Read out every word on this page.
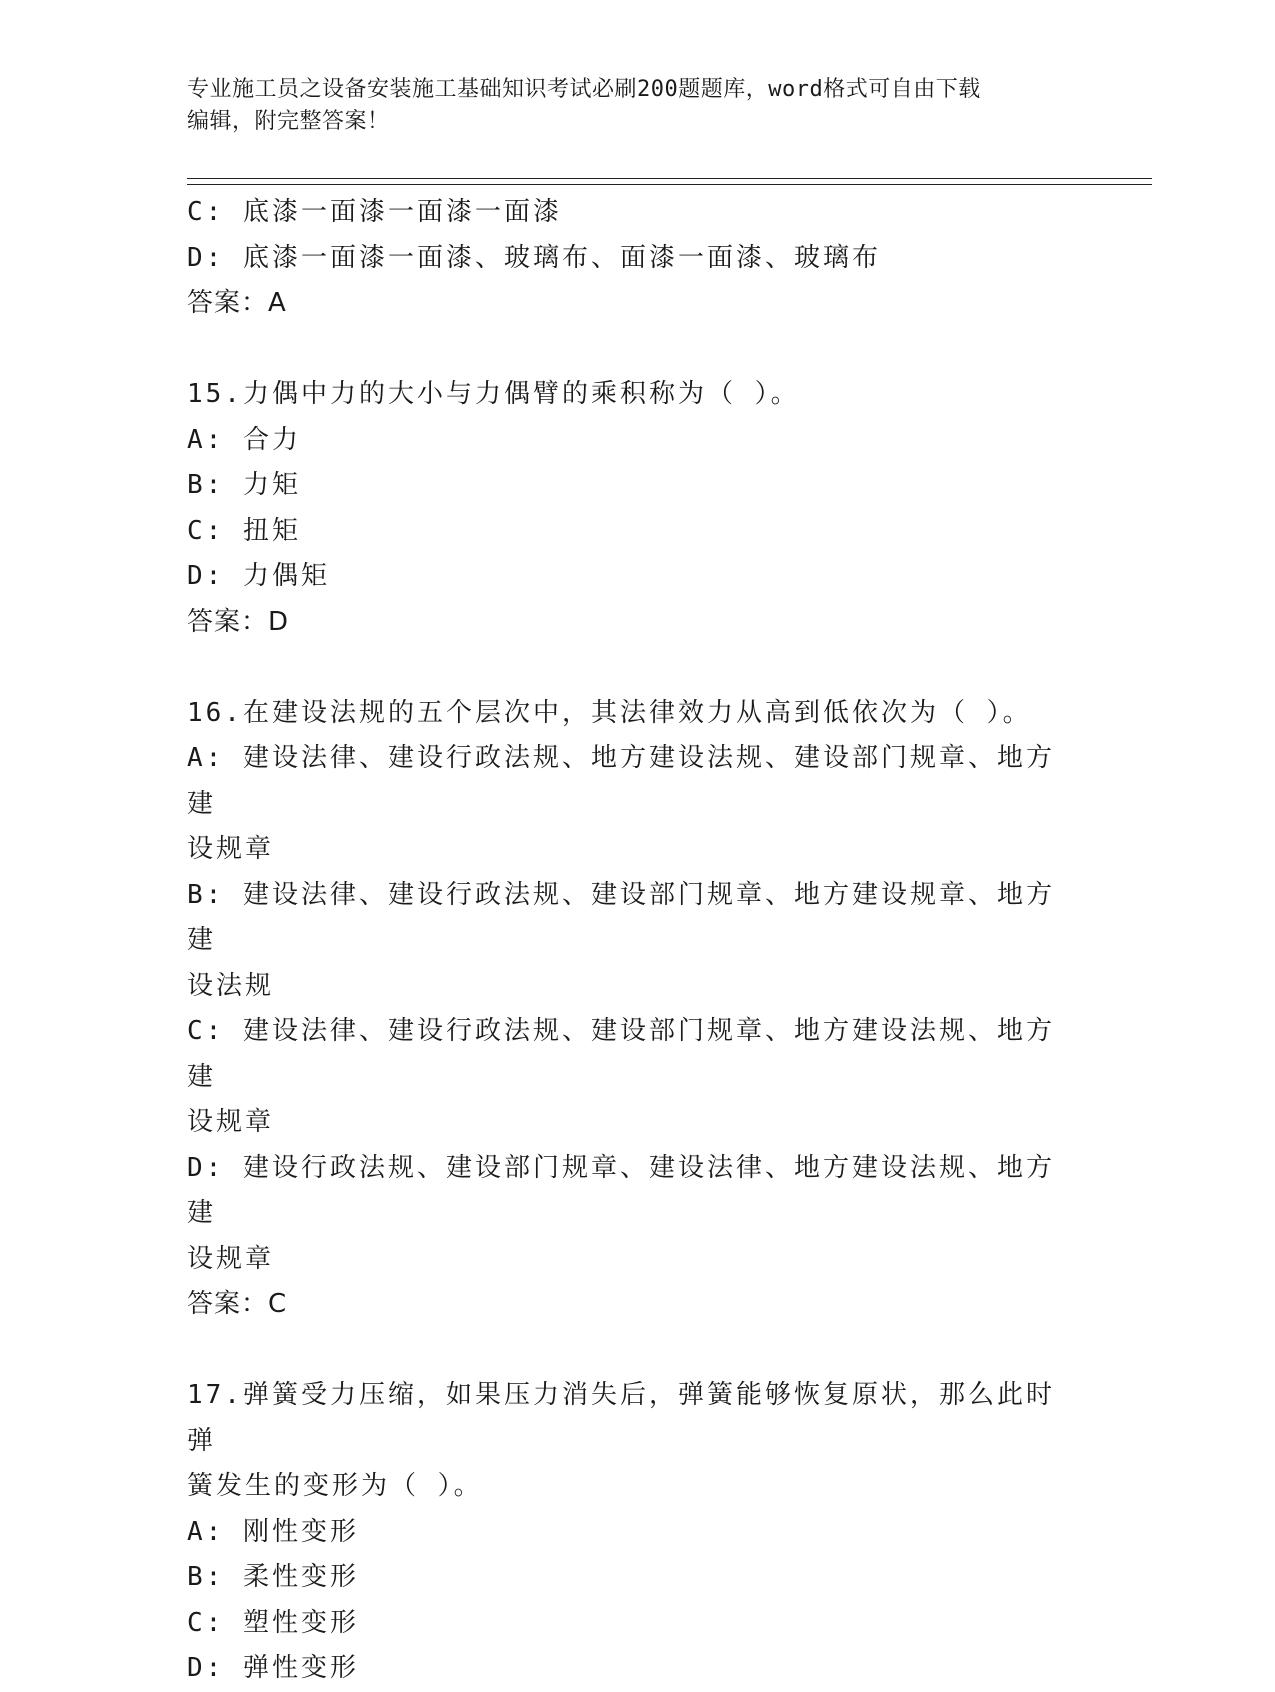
专业施工员之设备安装施工基础知识考试必刷200题题库，word格式可自由下载
编辑，附完整答案！
C: 底漆一面漆一面漆一面漆
D: 底漆一面漆一面漆、玻璃布、面漆一面漆、玻璃布
答案：A
15.力偶中力的大小与力偶臂的乘积称为（ ）。
A: 合力
B: 力矩
C: 扭矩
D: 力偶矩
答案：D
16.在建设法规的五个层次中，其法律效力从高到低依次为（ ）。
A: 建设法律、建设行政法规、地方建设法规、建设部门规章、地方建
设规章
B: 建设法律、建设行政法规、建设部门规章、地方建设规章、地方建
设法规
C: 建设法律、建设行政法规、建设部门规章、地方建设法规、地方建
设规章
D: 建设行政法规、建设部门规章、建设法律、地方建设法规、地方建
设规章
答案：C
17.弹簧受力压缩，如果压力消失后，弹簧能够恢复原状，那么此时弹
簧发生的变形为（ ）。
A: 刚性变形
B: 柔性变形
C: 塑性变形
D: 弹性变形
